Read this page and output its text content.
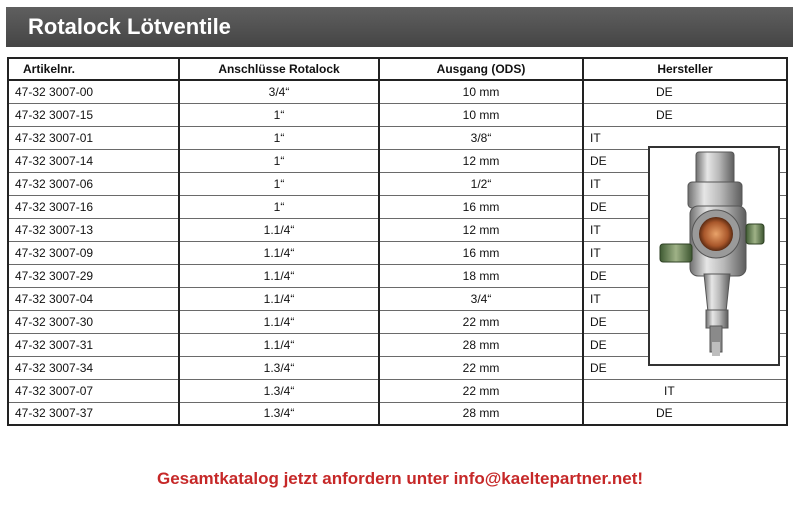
Rotalock Lötventile
Artikelnr.	Anschlüsse Rotalock	Ausgang (ODS)	Hersteller
47-32 3007-00	3/4“	10 mm	DE
47-32 3007-15	1“	10 mm	DE
47-32 3007-01	1“	3/8“	IT
47-32 3007-14	1“	12 mm	DE
47-32 3007-06	1“	1/2“	IT
47-32 3007-16	1“	16 mm	DE
47-32 3007-13	1.1/4“	12 mm	IT
47-32 3007-09	1.1/4“	16 mm	IT
47-32 3007-29	1.1/4“	18 mm	DE
47-32 3007-04	1.1/4“	3/4“	IT
47-32 3007-30	1.1/4“	22 mm	DE
47-32 3007-31	1.1/4“	28 mm	DE
47-32 3007-34	1.3/4“	22 mm	DE
47-32 3007-07	1.3/4“	22 mm	IT
47-32 3007-37	1.3/4“	28 mm	DE
Gesamtkatalog jetzt anfordern unter info@kaeltepartner.net!
